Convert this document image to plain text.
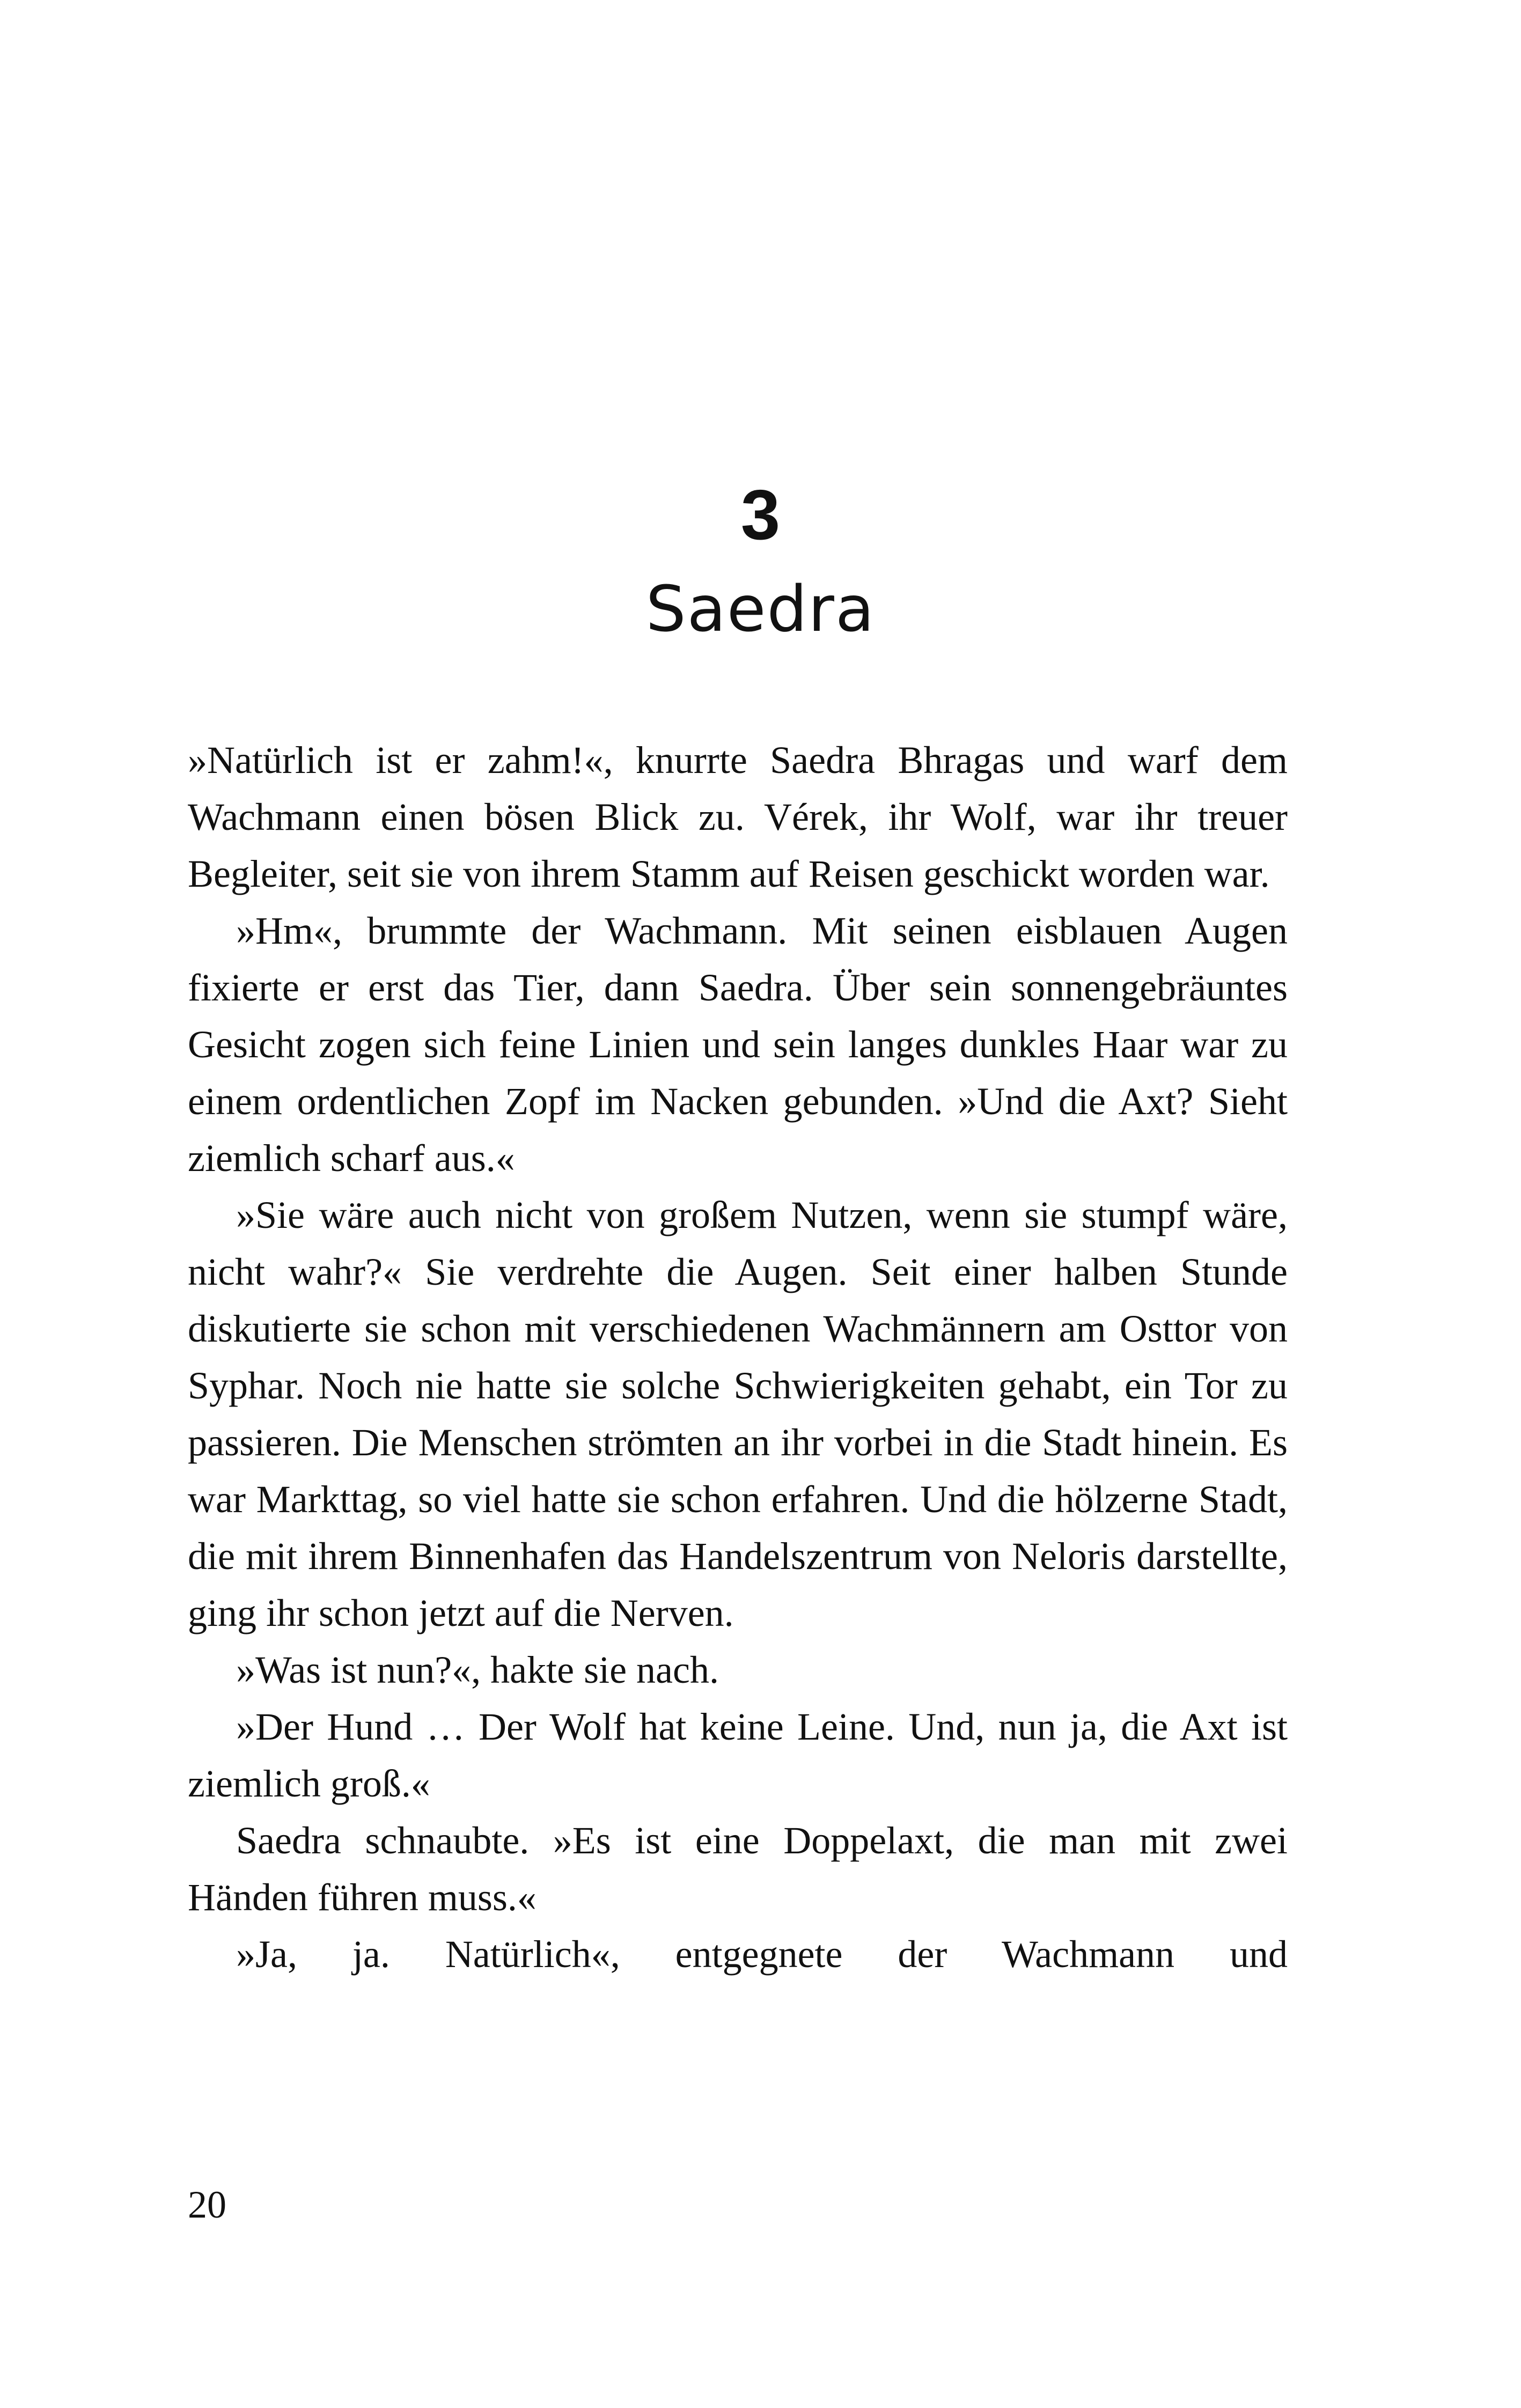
3
Saedra

»Natürlich ist er zahm!«, knurrte Saedra Bhragas und warf dem Wachmann einen bösen Blick zu. Vérek, ihr Wolf, war ihr treuer Begleiter, seit sie von ihrem Stamm auf Reisen geschickt worden war.

»Hm«, brummte der Wachmann. Mit seinen eisblauen Augen fixierte er erst das Tier, dann Saedra. Über sein sonnengebräuntes Gesicht zogen sich feine Linien und sein langes dunkles Haar war zu einem ordentlichen Zopf im Nacken gebunden. »Und die Axt? Sieht ziemlich scharf aus.«

»Sie wäre auch nicht von großem Nutzen, wenn sie stumpf wäre, nicht wahr?« Sie verdrehte die Augen. Seit einer halben Stunde diskutierte sie schon mit verschiedenen Wachmännern am Osttor von Syphar. Noch nie hatte sie solche Schwierigkeiten gehabt, ein Tor zu passieren. Die Menschen strömten an ihr vorbei in die Stadt hinein. Es war Markttag, so viel hatte sie schon erfahren. Und die hölzerne Stadt, die mit ihrem Binnenhafen das Handelszentrum von Neloris darstellte, ging ihr schon jetzt auf die Nerven.

»Was ist nun?«, hakte sie nach.

»Der Hund … Der Wolf hat keine Leine. Und, nun ja, die Axt ist ziemlich groß.«

Saedra schnaubte. »Es ist eine Doppelaxt, die man mit zwei Händen führen muss.«

»Ja, ja. Natürlich«, entgegnete der Wachmann und

20
